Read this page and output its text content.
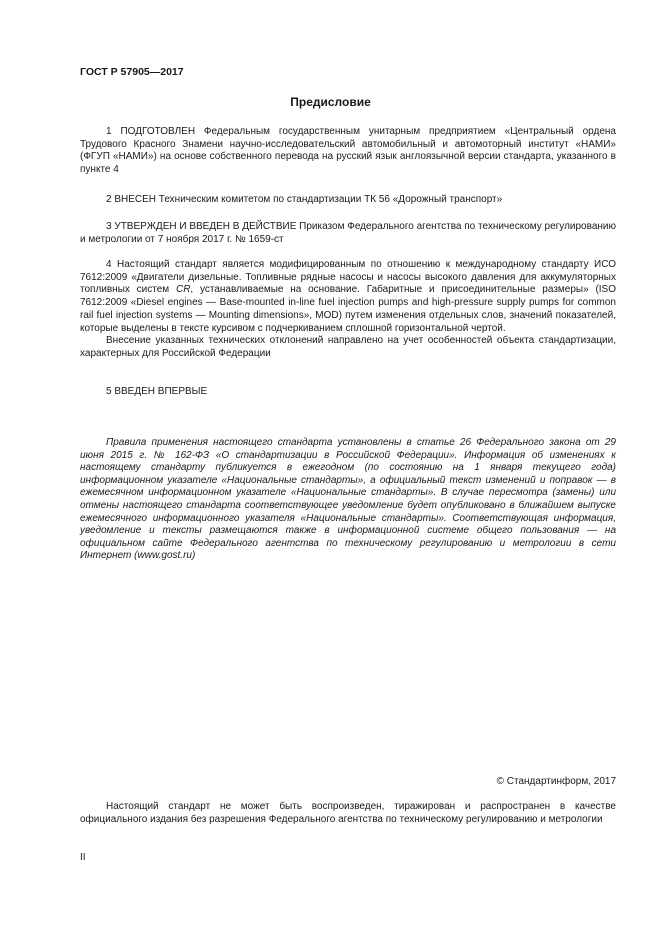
ГОСТ Р 57905—2017
Предисловие

1 ПОДГОТОВЛЕН Федеральным государственным унитарным предприятием «Центральный ордена Трудового Красного Знамени научно-исследовательский автомобильный и автомоторный институт «НАМИ» (ФГУП «НАМИ») на основе собственного перевода на русский язык англоязычной версии стандарта, указанного в пункте 4

2 ВНЕСЕН Техническим комитетом по стандартизации ТК 56 «Дорожный транспорт»

3 УТВЕРЖДЕН И ВВЕДЕН В ДЕЙСТВИЕ Приказом Федерального агентства по техническому регулированию и метрологии от 7 ноября 2017 г. № 1659-ст

4 Настоящий стандарт является модифицированным по отношению к международному стандарту ИСО 7612:2009 «Двигатели дизельные. Топливные рядные насосы и насосы высокого давления для аккумуляторных топливных систем CR, устанавливаемые на основание. Габаритные и присоединительные размеры» (ISO 7612:2009 «Diesel engines — Base-mounted in-line fuel injection pumps and high-pressure supply pumps for common rail fuel injection systems — Mounting dimensions», MOD) путем изменения отдельных слов, значений показателей, которые выделены в тексте курсивом с подчеркиванием сплошной горизонтальной чертой.

Внесение указанных технических отклонений направлено на учет особенностей объекта стандартизации, характерных для Российской Федерации

5 ВВЕДЕН ВПЕРВЫЕ

Правила применения настоящего стандарта установлены в статье 26 Федерального закона от 29 июня 2015 г. № 162-ФЗ «О стандартизации в Российской Федерации». Информация об изменениях к настоящему стандарту публикуется в ежегодном (по состоянию на 1 января текущего года) информационном указателе «Национальные стандарты», а официальный текст изменений и поправок — в ежемесячном информационном указателе «Национальные стандарты». В случае пересмотра (замены) или отмены настоящего стандарта соответствующее уведомление будет опубликовано в ближайшем выпуске ежемесячного информационного указателя «Национальные стандарты». Соответствующая информация, уведомление и тексты размещаются также в информационной системе общего пользования — на официальном сайте Федерального агентства по техническому регулированию и метрологии в сети Интернет (www.gost.ru)

© Стандартинформ, 2017

Настоящий стандарт не может быть воспроизведен, тиражирован и распространен в качестве официального издания без разрешения Федерального агентства по техническому регулированию и метрологии

II
